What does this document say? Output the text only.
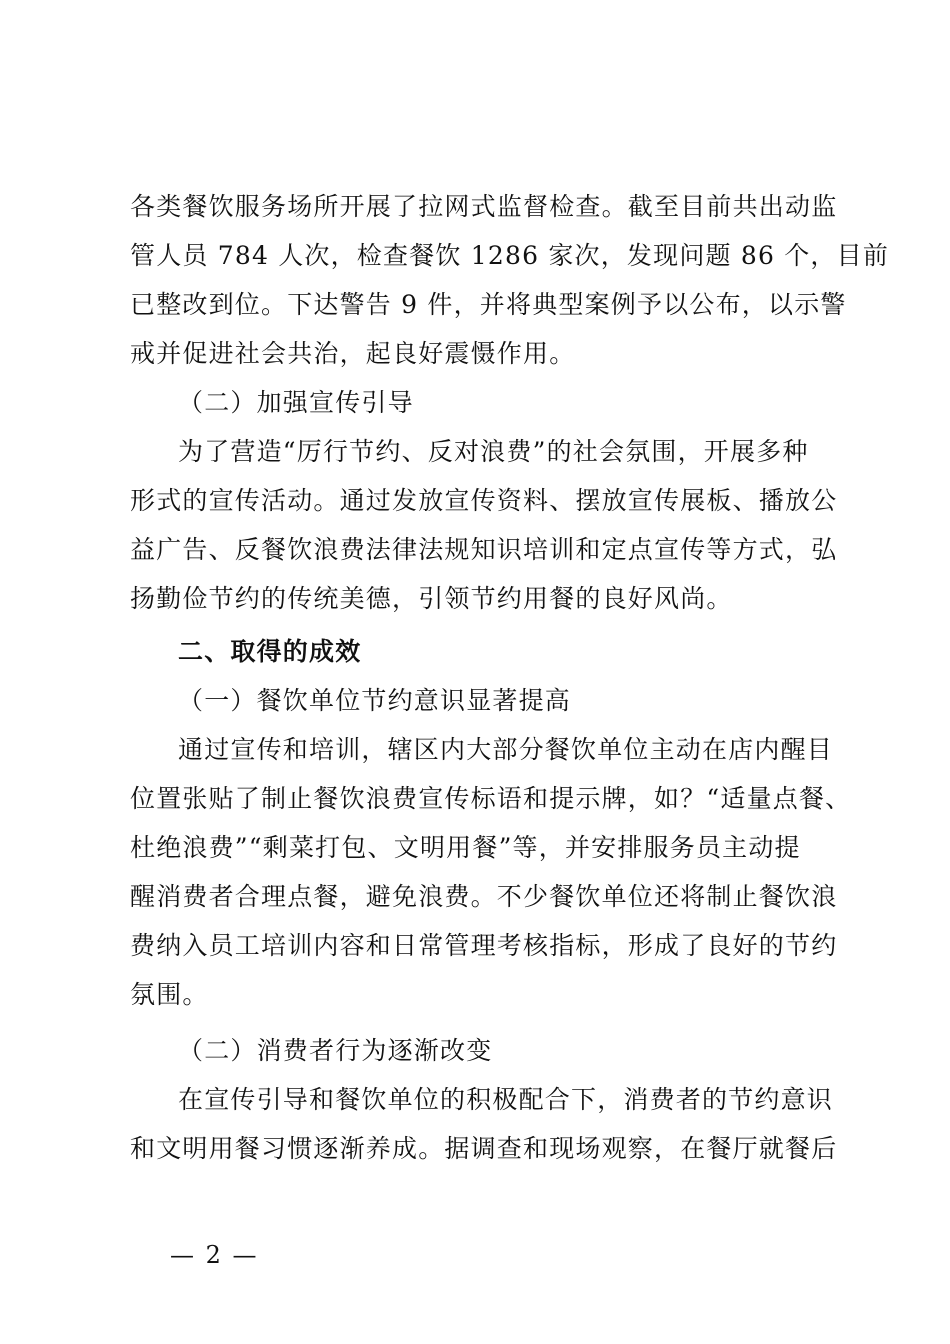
各类餐饮服务场所开展了拉网式监督检查。截至目前共出动监
管人员 784 人次，检查餐饮 1286 家次，发现问题 86 个，目前
已整改到位。下达警告 9 件，并将典型案例予以公布，以示警
戒并促进社会共治，起良好震慑作用。
（二）加强宣传引导
为了营造“厉行节约、反对浪费”的社会氛围，开展多种
形式的宣传活动。通过发放宣传资料、摆放宣传展板、播放公
益广告、反餐饮浪费法律法规知识培训和定点宣传等方式，弘
扬勤俭节约的传统美德，引领节约用餐的良好风尚。
二、取得的成效
（一）餐饮单位节约意识显著提高
通过宣传和培训，辖区内大部分餐饮单位主动在店内醒目
位置张贴了制止餐饮浪费宣传标语和提示牌，如？“适量点餐、
杜绝浪费”“剩菜打包、文明用餐”等，并安排服务员主动提
醒消费者合理点餐，避免浪费。不少餐饮单位还将制止餐饮浪
费纳入员工培训内容和日常管理考核指标，形成了良好的节约
氛围。
（二）消费者行为逐渐改变
在宣传引导和餐饮单位的积极配合下，消费者的节约意识
和文明用餐习惯逐渐养成。据调查和现场观察，在餐厅就餐后
— 2 —
